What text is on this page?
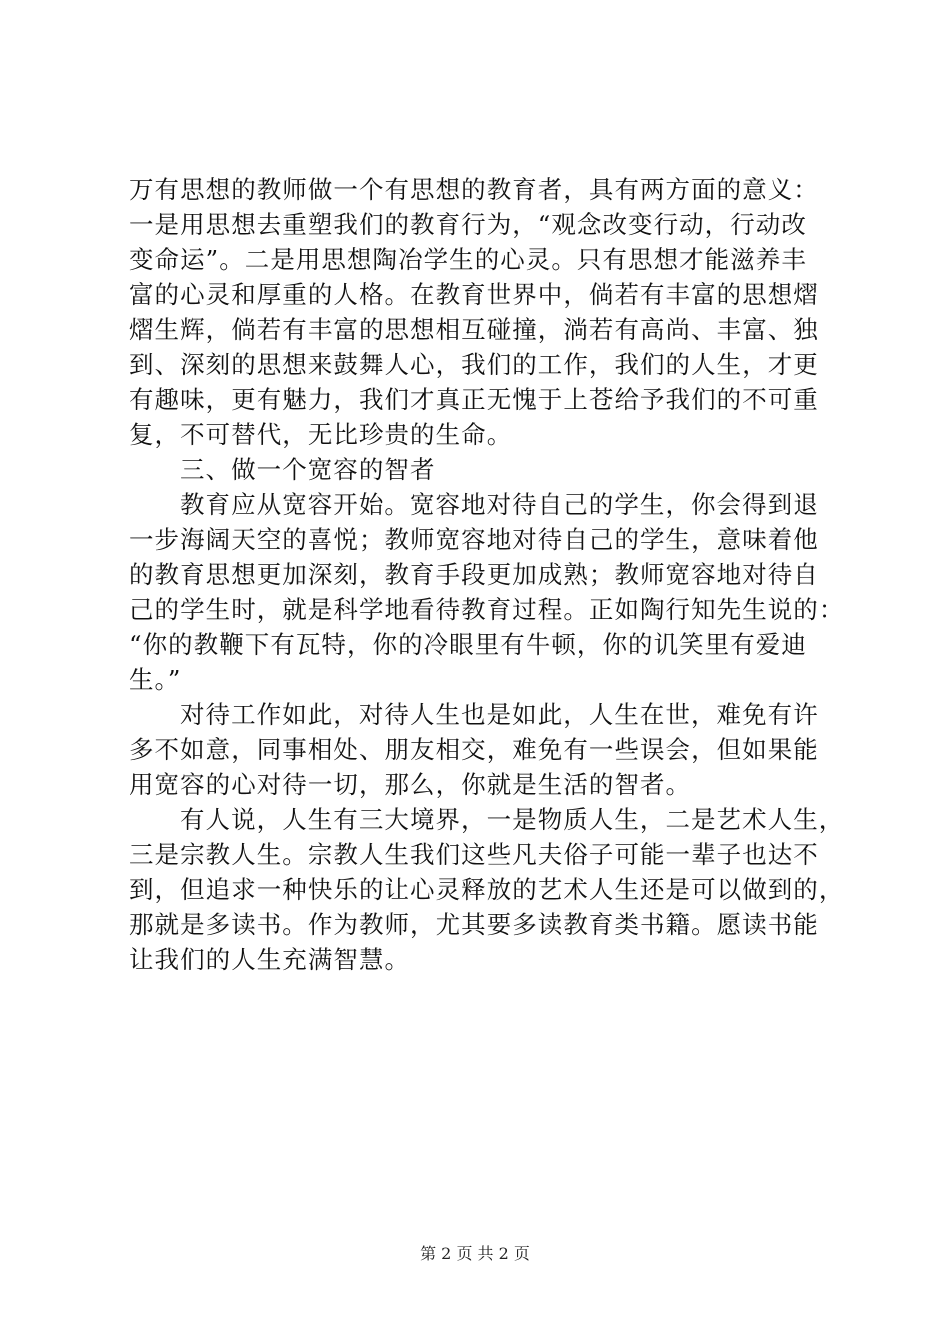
万有思想的教师做一个有思想的教育者，具有两方面的意义：
一是用思想去重塑我们的教育行为，“观念改变行动，行动改
变命运”。二是用思想陶冶学生的心灵。只有思想才能滋养丰
富的心灵和厚重的人格。在教育世界中，倘若有丰富的思想熠
熠生辉，倘若有丰富的思想相互碰撞，淌若有高尚、丰富、独
到、深刻的思想来鼓舞人心，我们的工作，我们的人生，才更
有趣味，更有魅力，我们才真正无愧于上苍给予我们的不可重
复，不可替代，无比珍贵的生命。
三、做一个宽容的智者
教育应从宽容开始。宽容地对待自己的学生，你会得到退
一步海阔天空的喜悦；教师宽容地对待自己的学生，意味着他
的教育思想更加深刻，教育手段更加成熟；教师宽容地对待自
己的学生时，就是科学地看待教育过程。正如陶行知先生说的：
“你的教鞭下有瓦特，你的冷眼里有牛顿，你的讥笑里有爱迪
生。”
对待工作如此，对待人生也是如此，人生在世，难免有许
多不如意，同事相处、朋友相交，难免有一些误会，但如果能
用宽容的心对待一切，那么，你就是生活的智者。
有人说，人生有三大境界，一是物质人生，二是艺术人生，
三是宗教人生。宗教人生我们这些凡夫俗子可能一辈子也达不
到，但追求一种快乐的让心灵释放的艺术人生还是可以做到的，
那就是多读书。作为教师，尤其要多读教育类书籍。愿读书能
让我们的人生充满智慧。
第 2 页 共 2 页
